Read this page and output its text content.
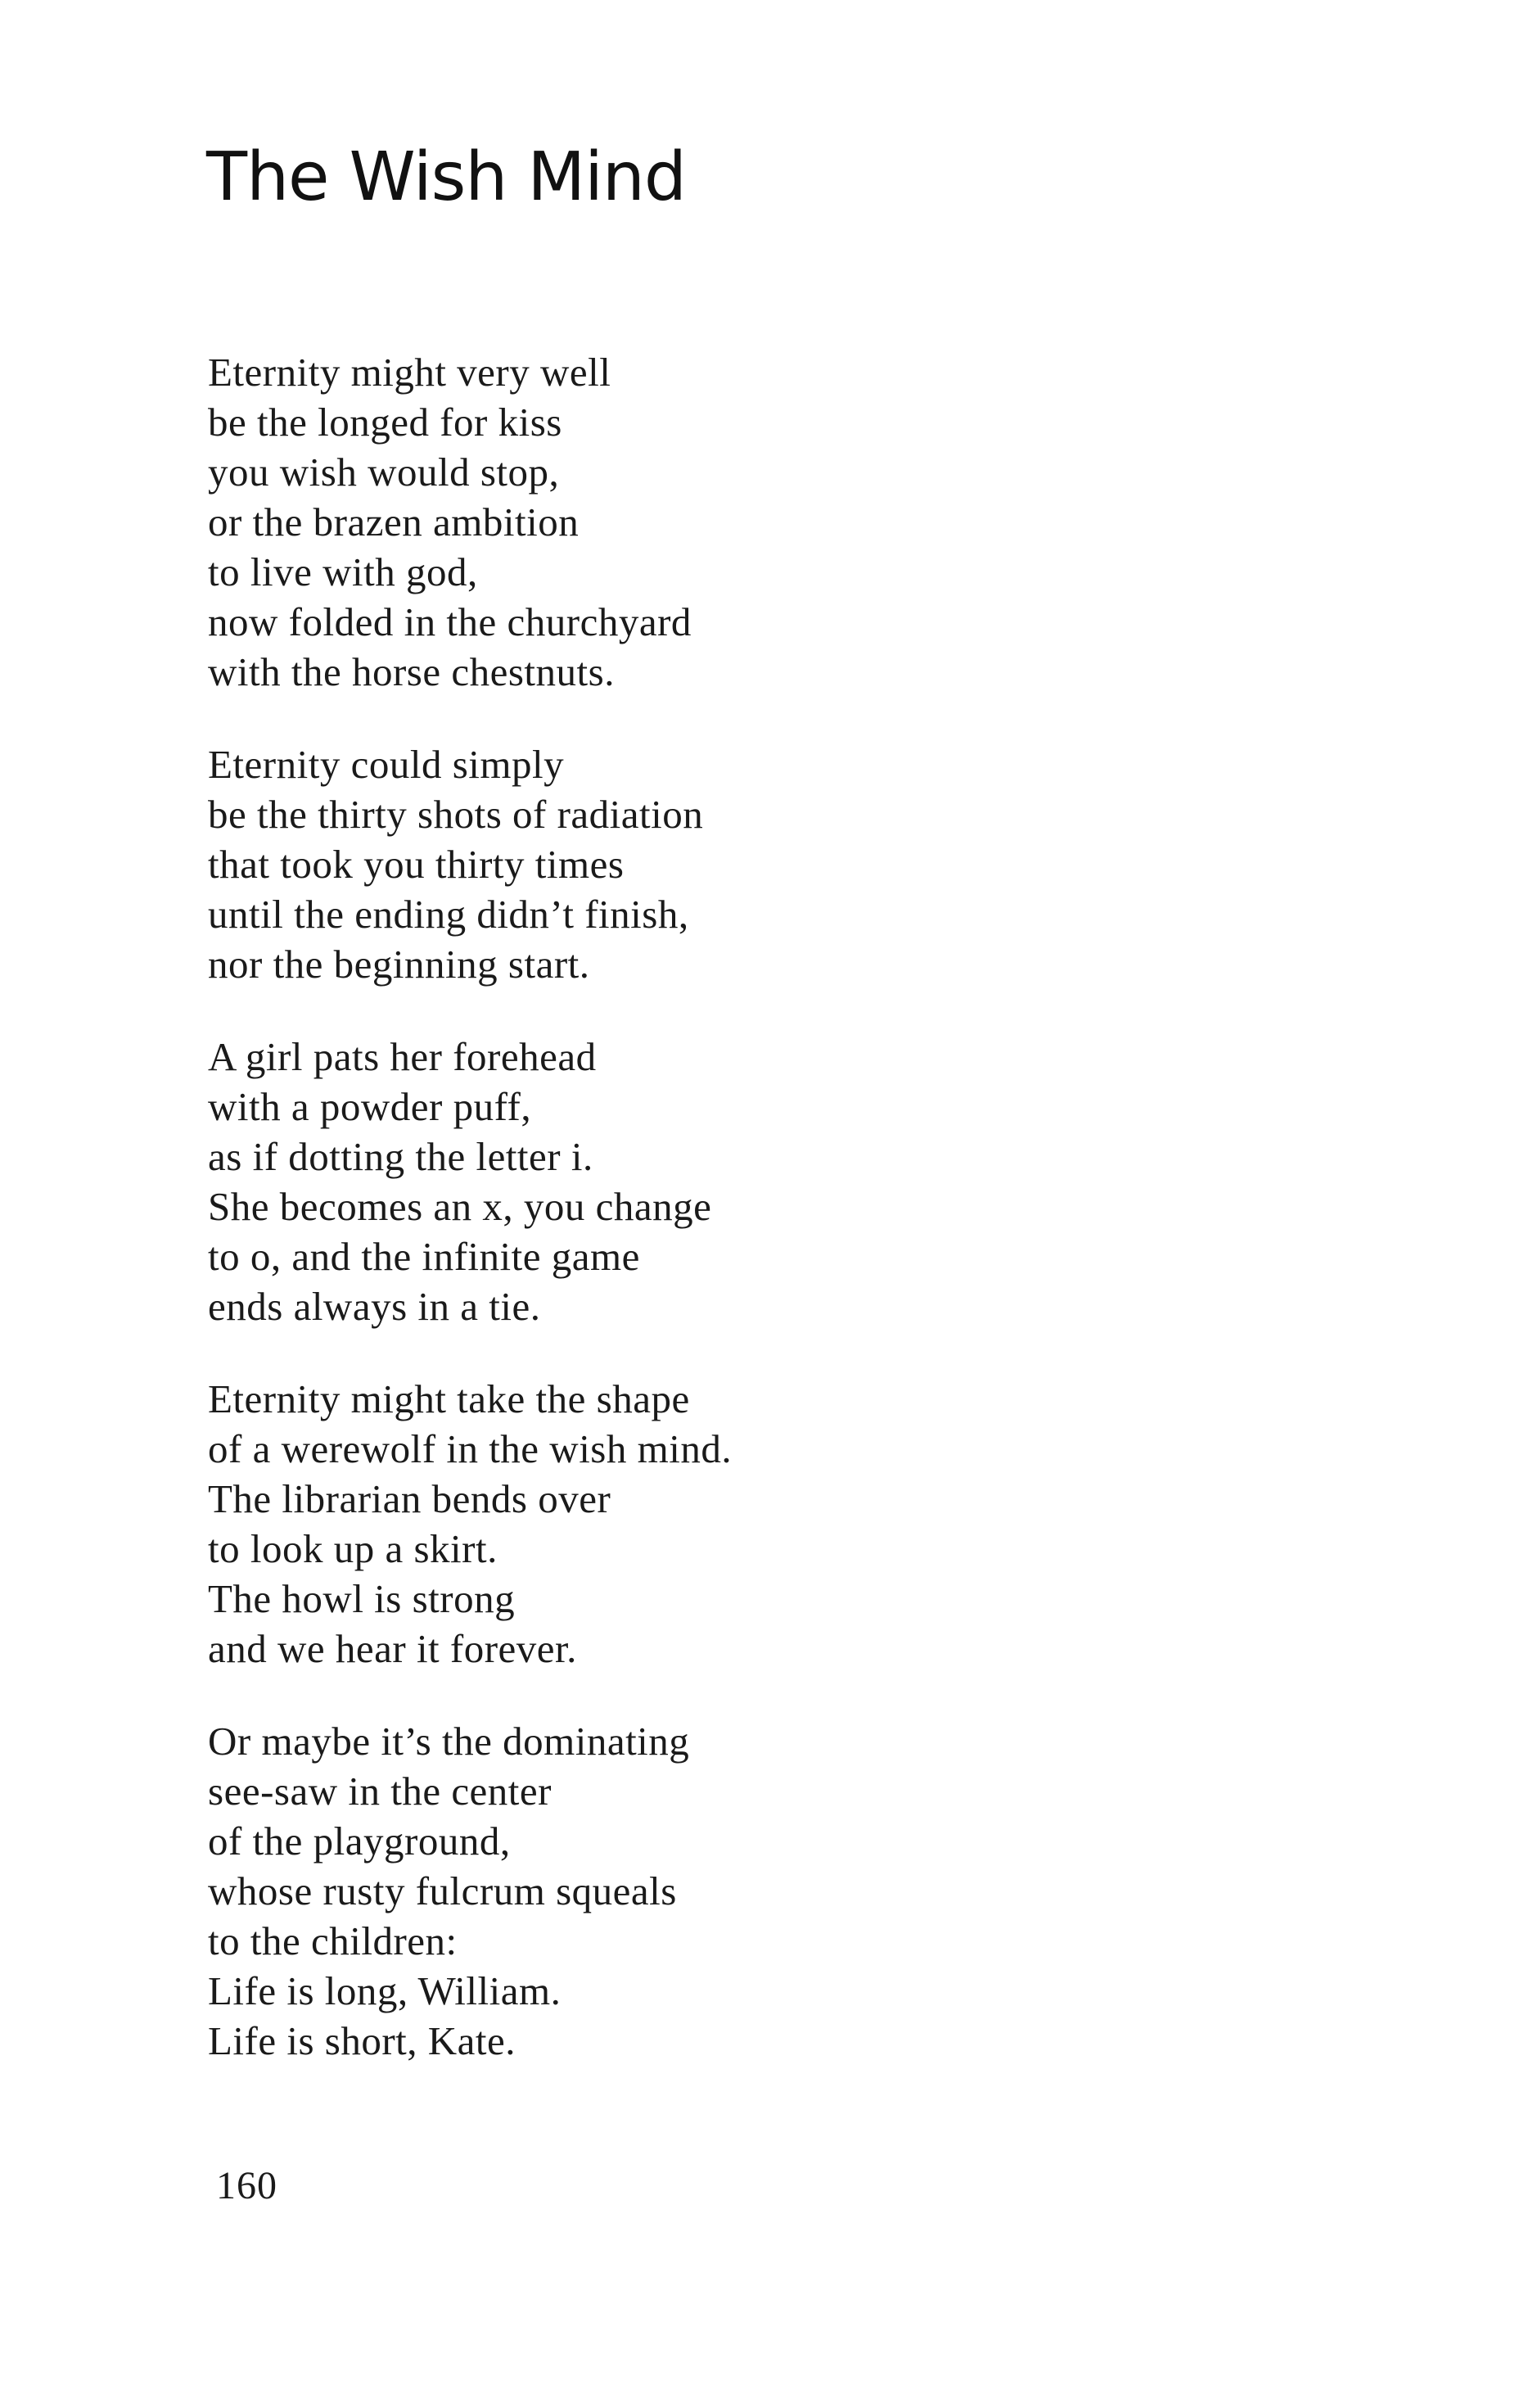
The Wish Mind
Eternity might very well
be the longed for kiss
you wish would stop,
or the brazen ambition
to live with god,
now folded in the churchyard
with the horse chestnuts.
Eternity could simply
be the thirty shots of radiation
that took you thirty times
until the ending didn’t finish,
nor the beginning start.
A girl pats her forehead
with a powder puff,
as if dotting the letter i.
She becomes an x, you change
to o, and the infinite game
ends always in a tie.
Eternity might take the shape
of a werewolf in the wish mind.
The librarian bends over
to look up a skirt.
The howl is strong
and we hear it forever.
Or maybe it’s the dominating
see-saw in the center
of the playground,
whose rusty fulcrum squeals
to the children:
Life is long, William.
Life is short, Kate.
160
